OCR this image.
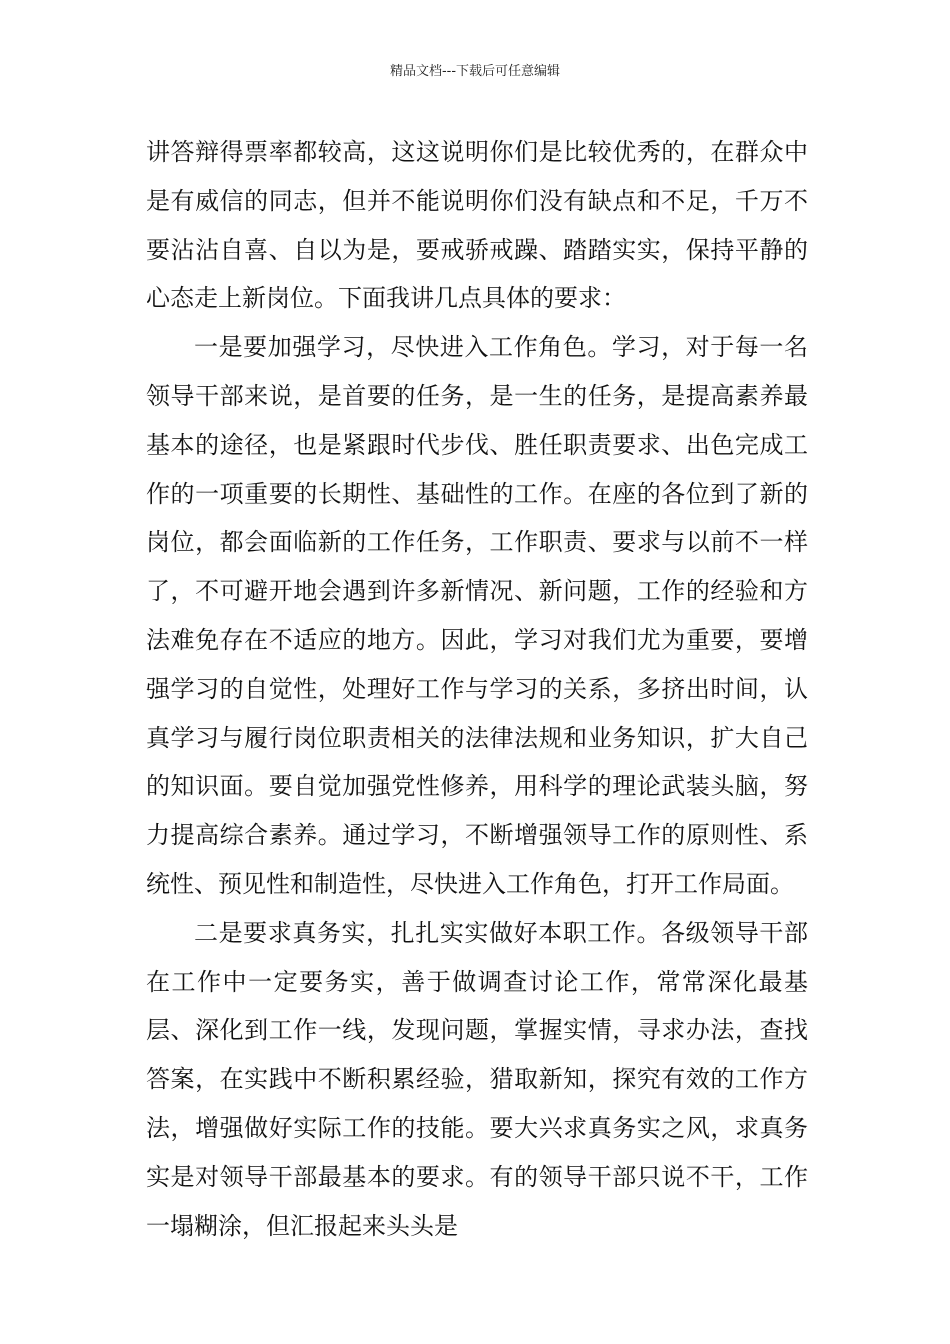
精品文档---下载后可任意编辑

讲答辩得票率都较高，这这说明你们是比较优秀的，在群众中是有威信的同志，但并不能说明你们没有缺点和不足，千万不要沾沾自喜、自以为是，要戒骄戒躁、踏踏实实，保持平静的心态走上新岗位。下面我讲几点具体的要求：

一是要加强学习，尽快进入工作角色。学习，对于每一名领导干部来说，是首要的任务，是一生的任务，是提高素养最基本的途径，也是紧跟时代步伐、胜任职责要求、出色完成工作的一项重要的长期性、基础性的工作。在座的各位到了新的岗位，都会面临新的工作任务，工作职责、要求与以前不一样了，不可避开地会遇到许多新情况、新问题，工作的经验和方法难免存在不适应的地方。因此，学习对我们尤为重要，要增强学习的自觉性，处理好工作与学习的关系，多挤出时间，认真学习与履行岗位职责相关的法律法规和业务知识，扩大自己的知识面。要自觉加强党性修养，用科学的理论武装头脑，努力提高综合素养。通过学习，不断增强领导工作的原则性、系统性、预见性和制造性，尽快进入工作角色，打开工作局面。

二是要求真务实，扎扎实实做好本职工作。各级领导干部在工作中一定要务实，善于做调查讨论工作，常常深化最基层、深化到工作一线，发现问题，掌握实情，寻求办法，查找答案，在实践中不断积累经验，猎取新知，探究有效的工作方法，增强做好实际工作的技能。要大兴求真务实之风，求真务实是对领导干部最基本的要求。有的领导干部只说不干，工作一塌糊涂，但汇报起来头头是
